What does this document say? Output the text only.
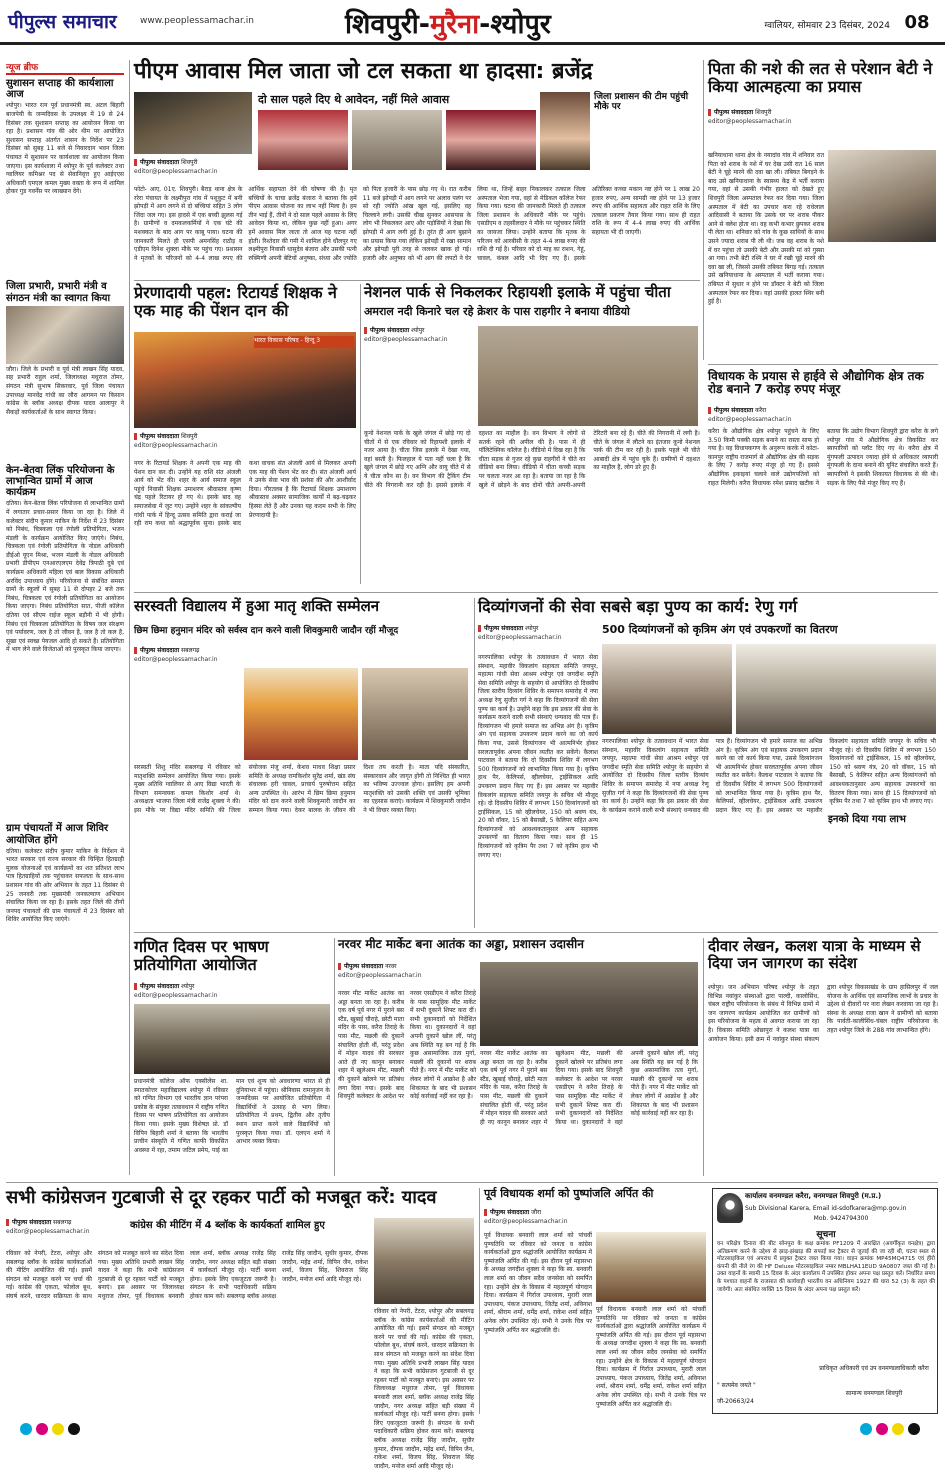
पीपुल्स समाचार	www.peoplessamachar.in	शिवपुरी-मुरैना-श्योपुर	ग्वालियर, सोमवार 23 दिसंबर, 2024 08
न्यूज ब्रीफ
सुशासन सप्ताह की कार्यशाला आज
श्योपुर। भारत रत्न पूर्व प्रधानमंत्री स्व. अटल बिहारी बाजपेयी के जन्मदिवस के उपलक्ष्य में 19 से 24 दिसंबर तक सुशासन सप्ताह का आयोजन किया जा रहा है। प्रशासन गांव की ओर थीम पर आयोजित सुशासन सप्ताह अंतर्गत शासन के निर्देश पर 23 दिसंबर को सुबह 11 बजे से निवारदान भवन जिला पंचायत में सुशासन पर कार्यशाला का आयोजन किया जाएगा। इस कार्यशाला में श्योपुर के पूर्व कलेक्टर तथा ग्वालियर कमिश्नर पद से सेवानिवृत्त हुए आईएएस अधिकारी एमएल कमल मुख्य वक्ता के रूप में शामिल होकर गुड गवर्नेंस पर व्याख्यान देंगे।
जिला प्रभारी, प्रभारी मंत्री व संगठन मंत्री का स्वागत किया
जौरा। जिले के प्रभारी व पूर्व मंत्री लाखन सिंह यादव, सह प्रभारी राहुल शर्मा, जिलाध्यक्ष मधुराज तोमर, संगठन मंत्री सुभाष सिकरवार, पूर्व जिला पंचायत उपाध्यक्ष मानवेंद्र गांधी का जौरा आगमन पर किसान कांग्रेस के ब्लॉक अध्यक्ष दीपक यादव आलापुर ने सैकड़ों कार्यकर्ताओं के साथ स्वागत किया।
केन-बेतवा लिंक परियोजना के लाभान्वित ग्रामों में आज कार्यक्रम
दतिया। केन-बेतवा लिंक परियोजना से लाभान्वित ग्रामों में लगातार प्रचार-प्रसार किया जा रहा है। जिले में कलेक्टर संदीप कुमार माकिन के निर्देश में 23 दिसंबर को निबंध, चित्रकला एवं रंगोली प्रतियोगिता, भजन मंडली के कार्यक्रम आयोजित किए जाएंगे। निबंध, चित्रकला एवं रंगोली प्रतियोगिता के नोडल अधिकारी डीईओ यूएन मिश्रा, भजन मंडली के नोडल अधिकारी प्रभारी डीपीएम एनआरएलएम देवेंद्र त्रिपाठी दुबे एवं कार्यक्रम अधिकारी महिला एवं बाल विकास अधिकारी अरविंद उपाध्याय होंगे। परियोजना से संबंधित समस्त ग्रामों के स्कूलों में सुबह 11 से दोपहर 2 बजे तक निबंध, चित्रकला एवं रंगोली प्रतियोगिता का आयोजन किया जाएगा। निबंध प्रतियोगिता सात, पीजी कॉलेज दतिया एवं सीएम राईज स्कूल बड़ौनी में भी होगी। निबंध एवं चित्रकला प्रतियोगिता के विषय जल संरक्षण एवं पर्यावरण, जल है तो जीवन है, जल है तो कल है, सूखा एवं स्वच्छ पेयजल आदि हो सकते हैं। प्रतियोगिता में भाग लेने वाले विजेताओं को पुरस्कृत किया जाएगा।
ग्राम पंचायतों में आज शिविर आयोजित होंगे
दतिया। कलेक्टर संदीप कुमार माकिन के निर्देशन में भारत सरकार एवं राज्य सरकार की चिन्हित हितग्राही मूलक योजनाओं एवं कार्यक्रमों का शत प्रतिशत लाभ पात्र हितग्राहियों तक पहुंचाकर सफलता के साथ-साथ प्रशासन गांव की ओर अभियान के तहत 11 दिसंबर से 25 जनवरी तक मुख्यमंत्री जनकल्याण अभियान संचालित किया जा रहा है। इसके तहत जिले की तीनों जनपद पंचायतों की ग्राम पंचायतों में 23 दिसंबर को शिविर आयोजित किए जाएंगे।
पीएम आवास मिल जाता जो टल सकता था हादसा: ब्रजेंद्र
पीपुल्स संवाददाता शिवपुरी
editor@peoplessamachar.in
दो साल पहले दिए थे आवेदन, नहीं मिले आवास	जिला प्रशासन की टीम पहुंची मौके पर
फोटो- आए, 01ए. शिवपुरी। बैराड़ थाना क्षेत्र के ररेरा पंचायत के लक्ष्मीपुरा गांव में पशुकुट में बनी झोपड़ी में आग लगने से दो बच्चियां सहित 3 लोग जिंदा जल गए। इस हादसे में एक बच्ची झुलस गई है। ग्रामीणों व दमकलकर्मियों ने एक घंटे की मशक्कत के बाद आग पर काबू पाया। घटना की जानकारी मिलते ही एसपी अमनसिंह राठौड़ व एडीएम दिनेश शुक्ला मौके पर पहुंच गए। प्रशासन ने मृतकों के परिजनों को 4-4 लाख रुपए की आर्थिक सहायता देने की घोषणा की है। मृत बच्चियों के चाचा ब्रजेंद्र बंजारा ने बताया कि हमें पीएम आवास योजना का लाभ नहीं मिला है। हम तीन भाई हैं, तीनों ने दो साल पहले आवास के लिए आवेदन किया था, लेकिन कुछ नहीं हुआ। अगर हमें आवास मिल जाता तो आज यह घटना नहीं होती। रिश्तेदार की गमी में शामिल होने धौलपुर गए लक्ष्मीपुरा निवासी धासुदेव बंजारा और उसकी पत्नी रुक्मिणी अपनी बेटियों अनुष्का, संध्या और ज्योति को पिता हजारी के पास छोड़ गए थे। रात करीब 11 बजे झोपड़ी में आग लगने पर अलाव पलंग पर सो रही ज्योति आंख खुल गई, इसलिए वह चिल्लाने लगी। उसकी चीख सुनकर आसपास के लोग भी निकलकर आए और पड़ोसियों ने देखा कि झोपड़ी में आग लगी हुई है। तुरंत ही आग बुझाने का प्रयास किया गया लेकिन झोपड़ी में रखा सामान और झोपड़ी पूरी तरह से जलकर खाक हो गई। हजारी और अनुष्का को भी आग की लपटों ने घेर लिया था, जिन्हें बाहर निकालकर तत्काल जिला अस्पताल भेजा गया, वहां से मेडिकल कॉलेज रेफर किया गया। घटना की जानकारी मिलते ही तत्काल जिला प्रशासन के अधिकारी मौके पर पहुंचे। एसडीएम व तहसीलदार ने मौके पर पहुंचकर स्थिति का जायजा लिया। उन्होंने बताया कि मृतक के परिजन को आरबीसी के तहत 4-4 लाख रुपए की राशि दी गई है। परिवार को दो माह का राशन, गेहूं, चावल, कंबल आदि भी दिए गए हैं। इसके अतिरिक्त कच्चा मकान नष्ट होने पर 1 लाख 20 हजार रुपए, अन्य सामग्री नष्ट होने पर 13 हजार रुपए की आर्थिक सहायता और राहत राशि के लिए तत्काल प्रकरण तैयार किया गया। साथ ही राहत राशि के रूप में 4-4 लाख रुपए की आर्थिक सहायता भी दी जाएगी।
पिता की नशे की लत से परेशान बेटी ने किया आत्महत्या का प्रयास
पीपुल्स संवाददाता शिवपुरी
editor@peoplessamachar.in
खनियाधाना थाना क्षेत्र के नयादांव गांव में शनिवार रात पिता को शराब के नशे में घर देख उसी रात 16 साल बेटी ने चूहे मारने की दवा खा ली। तबियत बिगड़ने के बाद उसे खनियाधाना के स्वास्थ्य केंद्र में भर्ती कराया गया, वहां से उसकी गंभीर हालत को देखते हुए शिवपुरी जिला अस्पताल रेफर कर दिया गया। जिला अस्पताल में बेटी का उपचार करा रहे राधेलाल आदिवासी ने बताया कि उसके घर पर शराब पीकर आने से क्लेश होता था। वह कभी कभार छुपकर शराब पी लेता था। शनिवार को गांव के कुछ साथियों के साथ उसने ज्यादा शराब पी ली थी। जब वह शराब के नशे में घर पहुंचा तो उसकी बेटी और उसकी मां को गुस्सा आ गया। तभी बेटी रश्मि ने घर में रखी चूहे मारने की दवा खा ली, जिससे उसकी तबियत बिगड़ गई। तत्काल उसे खनियाधाना के अस्पताल में भर्ती कराया गया। तबियत में सुधार न होने पर डॉक्टर ने बेटी को जिला अस्पताल रेफर कर दिया। यहां उसकी हालत स्थिर बनी हुई है।
प्रेरणादायी पहल: रिटायर्ड शिक्षक ने एक माह की पेंशन दान की
भारत विकास परिषद - हिन्दू 3
पीपुल्स संवाददाता शिवपुरी
editor@peoplessamachar.in
नगर के रिटायर्ड शिक्षक ने अपनी एक माह की पेंशन दान कर दी। उन्होंने यह राशि संत अंजली आर्य को भेंट की। शहर के आर्य समाज स्कूल पहुंचे निवासी शिक्षक उमाशरण श्रीवास्तव कृष्ण चंद्र पहले रिटायर हो गए थे। इसके बाद वह समाजसेवा में जुट गए। उन्होंने शहर के सांकल्पीय गांधी पार्क में हिन्दू उत्सव समिति द्वारा कराई जा रही राम कथा को श्रद्धापूर्वक सुना। इसके बाद कथा वाचक संत अंजली आर्य से मिलकर अपनी एक माह की पेंशन भेंट कर दी। संत अंजली आर्य ने उनके सेवा भाव की प्रशंसा की और आशीर्वाद दिया। गौरतलब है कि रिटायर्ड शिक्षक उमाशरण श्रीवास्तव अक्सर सामाजिक कार्यों में बढ़-चढ़कर हिस्सा लेते हैं और उनका यह कदम सभी के लिए प्रेरणादायी है।
नेशनल पार्क से निकलकर रिहायशी इलाके में पहुंचा चीता
अमराल नदी किनारे चल रहे क्रेशर के पास राहगीर ने बनाया वीडियो
पीपुल्स संवाददाता श्योपुर
editor@peoplessamachar.in
कूनो नेशनल पार्क के खुले जंगल में छोड़े गए दो चीतों में से एक रविवार को रिहायशी इलाके में नजर आया है। चीता जिस इलाके में देखा गया, वहां बस्ती है। फिलहाल ये पता नहीं चला है कि खुले जंगल में छोड़े गए अग्नि और वायु चीते में से ये चीता कौन सा है। वन विभाग की ट्रैकिंग टीम चीते की निगरानी कर रही है। इससे इलाके में दहशत का माहौल है। वन विभाग ने लोगों से सतर्क रहने की अपील की है। पास में ही पॉलिटेक्निक कॉलेज है। वीडियो में दिख रहा है कि चीता सड़क से गुजर रहे कुछ राहगीरों ने चीते का वीडियो बना लिया। वीडियो में चीता कच्ची सड़क पर चलता नजर आ रहा है। बताया जा रहा है कि खुले में छोड़ने के बाद दोनों चीते अपनी-अपनी टेरिटरी बना रहे हैं। चीते की निगरानी में लगी है। चीते के जंगल में लौटने का इंतजार कूनो नेशनल पार्क की टीम कर रही है। इसके पहले भी चीते आबादी क्षेत्र में पहुंच चुके हैं। ग्रामीणों में दहशत का माहौल है, लोग डरे हुए हैं।
विधायक के प्रयास से हाईवे से औद्योगिक क्षेत्र तक रोड बनाने 7 करोड़ रुपए मंजूर
पीपुल्स संवाददाता करैरा
editor@peoplessamachar.in
करैरा के औद्योगिक क्षेत्र श्योपुर पहुंचने के लिए 3.50 किमी पक्की सड़क बनाने का रास्ता साफ हो गया है। यह विधायकगण के अनुरूप करके में कोटा-कानपुर राष्ट्रीय राजमार्ग से औद्योगिक क्षेत्र की सड़क के लिए 7 करोड़ रुपए मंजूर हो गए हैं। इससे औद्योगिक इकाइयां चलाने वाले उद्योगपतियों को राहत मिलेगी। करैरा विधायक रमेश प्रसाद खटीक ने बताया कि उद्योग विभाग शिवपुरी द्वारा करैरा के लगे श्योपुर गांव में औद्योगिक क्षेत्र विकसित कर ब्यापारियों को प्लॉट दिए गए थे। करैरा क्षेत्र में मुंगफली उत्पादन ज्यादा होने से अधिकतर व्यापारी मूंगफली के दाना बनाने की यूनिट संचालित करते हैं। ब्यापारियों ने इसकी शिकायत विधायक से की थी। सड़क के लिए पैसे मंजूर किए गए हैं।
सरस्वती विद्यालय में हुआ मातृ शक्ति सम्मेलन
छिम छिमा हनुमान मंदिर को सर्वस्व दान करने वाली शिवकुमारी जादौन रहीं मौजूद
पीपुल्स संवाददाता सबलगढ़
editor@peoplessamachar.in
सरस्वती शिशु मंदिर सबलगढ़ में रविवार को मातृशक्ति सम्मेलन आयोजित किया गया। इसके मुख्य अतिथि ग्वालियर से आए विद्या भारती के विभाग समन्वयक कमल किशोर शर्मा थे। अध्यक्षता भाजपा जिला मंत्री राजेंद्र शुक्ला ने की। इस मौके पर विद्या मंदिर समिति की जिला संयोजक मंजु शर्मा, केशव माधव शिक्षा प्रसार समिति के अध्यक्ष रामकिशोर सुरेंद्र शर्मा, खंड संघ संचालक हरी चावल, प्राचार्य पुरुषोत्तम सहित अन्य उपस्थित थे। आरंभ में छिम छिमा हनुमान मंदिर को दान करने वाली शिवकुमारी जादौन का सम्मान किया गया। देकर बालक के जीवन की दिशा तय करती है। माता यदि संस्कारित, संस्कारवान और जागृत होंगी तो निश्चित ही भारत का भविष्य उज्ज्वल होगा। इसलिए हम अपनी मातृशक्ति को उसकी शक्ति एवं उसकी भूमिका का एहसास कराएं। कार्यक्रम में शिवकुमारी जादौन ने भी विचार व्यक्त किए।
दिव्यांगजनों की सेवा सबसे बड़ा पुण्य का कार्य: रेणु गर्ग
पीपुल्स संवाददाता श्योपुर
editor@peoplessamachar.in
500 दिव्यांगजनों को कृत्रिम अंग एवं उपकरणों का वितरण
इनको दिया गया लाभ
नगरपालिका श्योपुर के तत्वावधान में भारत सेवा संस्थान, महावीर विकलांग सहायता समिति जयपुर, महात्मा गांधी सेवा आश्रम श्योपुर एवं जगदीश स्मृति सेवा समिति श्योपुर के सहयोग से आयोजित दो दिवसीय जिला स्तरीय दिव्यांग शिविर के समापन समारोह में नपा अध्यक्ष रेणु सुजीत गर्ग ने कहा कि दिव्यांगजनों की सेवा पुण्य का कार्य है। उन्होंने कहा कि इस प्रकार की सेवा के कार्यक्रम कराने वाली सभी संस्थाएं धन्यवाद की पात्र हैं। दिव्यांगजन भी हमारे समाज का अभिन्न अंग है। कृत्रिम अंग एवं सहायक उपकरण प्रदान करने का जो कार्य किया गया, उससे दिव्यांगजन भी आत्मनिर्भर होकर सरलतापूर्वक अपना जीवन व्यतीत कर सकेंगे। कैलाश पाटवाल ने बताया कि दो दिवसीय शिविर में लगभग 500 दिव्यांगजनों को लाभान्वित किया गया है। कृत्रिम हाथ पैर, केलिपर्स, व्हीलचेयर, ट्राईसिकल आदि उपकरण प्रदान किए गए हैं। इस अवसर पर महावीर विकलांग सहायता समिति जयपुर के सचिव भी मौजूद रहे। दो दिवसीय शिविर में लगभग 150 दिव्यांगजनों को ट्राईसिकल, 15 को व्हीलचेयर, 150 को श्रवण यंत्र, 20 को वॉकर, 15 को बैसाखी, 5 केलिपर सहित अन्य दिव्यांगजनों को आवश्यकतानुसार अन्य सहायक उपकरणों का वितरण किया गया। साथ ही 15 दिव्यांगजनों को कृत्रिम पैर तथा 7 को कृत्रिम हाथ भी लगाए गए।
नगरपालिका श्योपुर के तत्वावधान में भारत सेवा संस्थान, महावीर विकलांग सहायता समिति जयपुर, महात्मा गांधी सेवा आश्रम श्योपुर एवं जगदीश स्मृति सेवा समिति श्योपुर के सहयोग से आयोजित दो दिवसीय जिला स्तरीय दिव्यांग शिविर के समापन समारोह में नपा अध्यक्ष रेणु सुजीत गर्ग ने कहा कि दिव्यांगजनों की सेवा पुण्य का कार्य है। उन्होंने कहा कि इस प्रकार की सेवा के कार्यक्रम कराने वाली सभी संस्थाएं धन्यवाद की पात्र हैं। दिव्यांगजन भी हमारे समाज का अभिन्न अंग है। कृत्रिम अंग एवं सहायक उपकरण प्रदान करने का जो कार्य किया गया, उससे दिव्यांगजन भी आत्मनिर्भर होकर सरलतापूर्वक अपना जीवन व्यतीत कर सकेंगे। कैलाश पाटवाल ने बताया कि दो दिवसीय शिविर में लगभग 500 दिव्यांगजनों को लाभान्वित किया गया है। कृत्रिम हाथ पैर, केलिपर्स, व्हीलचेयर, ट्राईसिकल आदि उपकरण प्रदान किए गए हैं। इस अवसर पर महावीर विकलांग सहायता समिति जयपुर के सचिव भी मौजूद रहे। दो दिवसीय शिविर में लगभग 150 दिव्यांगजनों को ट्राईसिकल, 15 को व्हीलचेयर, 150 को श्रवण यंत्र, 20 को वॉकर, 15 को बैसाखी, 5 केलिपर सहित अन्य दिव्यांगजनों को आवश्यकतानुसार अन्य सहायक उपकरणों का वितरण किया गया। साथ ही 15 दिव्यांगजनों को कृत्रिम पैर तथा 7 को कृत्रिम हाथ भी लगाए गए।
गणित दिवस पर भाषण प्रतियोगिता आयोजित
पीपुल्स संवाददाता श्योपुर
editor@peoplessamachar.in
प्रधानमंत्री कॉलेज ऑफ एक्सीलेंस शा. स्नातकोत्तर महाविद्यालय श्योपुर में रविवार को गणित विभाग एवं भारतीय ज्ञान परंपरा प्रकोष्ठ के संयुक्त तत्वावधान में राष्ट्रीय गणित दिवस पर भाषण प्रतियोगिता का आयोजन किया गया। इसके मुख्य विशेषज्ञ प्रो. डॉ विपिन बिहारी शर्मा ने बताया कि भारतीय प्राचीन संस्कृति में गणित काफी विकसित अवस्था में रहा, तमाम जटिल प्रमेय, पाई का मान एवं शून्य को अवधारणा भारत से ही दुनियाभर में पहुंचा। श्रीनिवास रामानुजन के जन्मदिवस पर आयोजित प्रतियोगिता में विद्यार्थियों ने उत्साह से भाग लिया। प्रतियोगिता में प्रथम, द्वितीय और तृतीय स्थान प्राप्त करने वाले विद्यार्थियों को पुरस्कृत किया गया। डॉ. एलएन शर्मा ने आभार व्यक्त किया।
नरवर मीट मार्केट बना आतंक का अड्डा, प्रशासन उदासीन
पीपुल्स संवाददाता नरवर
editor@peoplessamachar.in
नरवर मीट मार्केट आतंक का अड्डा बनता जा रहा है। करीब एक वर्ष पूर्व नगर में पुराने बस स्टैंड, खुबाई चौराहे, छोटी माता मंदिर के पास, करैरा तिराहे के पास मीट, मछली की दुकानें संचालित होती थीं, परंतु प्रदेश में मोहन यादव की सरकार आते ही नए कानून बनाकर शहर में खुलेआम मीट, मछली की दुकानें खोलने पर प्रतिबंध लगा दिया गया। इसके बाद शिवपुरी कलेक्टर के आदेश पर नरवर एसडीएम ने करैरा तिराहे के पास सामूहिक मीट मार्केट में सभी दुकानें शिफ्ट करा दीं। सभी दुकानदारों को निर्देशित किया था। दुकानदारों ने वहां अपनी दुकानें खोल लीं, परंतु अब स्थिति यह बन गई है कि कुछ असामाजिक तत्व मुर्गा, मछली की दुकानों पर शराब पीते हैं। नगर में मीट मार्केट को लेकर लोगों में आक्रोश है और शिकायत के बाद भी प्रशासन कोई कार्रवाई नहीं कर रहा है।
नरवर मीट मार्केट आतंक का अड्डा बनता जा रहा है। करीब एक वर्ष पूर्व नगर में पुराने बस स्टैंड, खुबाई चौराहे, छोटी माता मंदिर के पास, करैरा तिराहे के पास मीट, मछली की दुकानें संचालित होती थीं, परंतु प्रदेश में मोहन यादव की सरकार आते ही नए कानून बनाकर शहर में खुलेआम मीट, मछली की दुकानें खोलने पर प्रतिबंध लगा दिया गया। इसके बाद शिवपुरी कलेक्टर के आदेश पर नरवर एसडीएम ने करैरा तिराहे के पास सामूहिक मीट मार्केट में सभी दुकानें शिफ्ट करा दीं। सभी दुकानदारों को निर्देशित किया था। दुकानदारों ने वहां अपनी दुकानें खोल लीं, परंतु अब स्थिति यह बन गई है कि कुछ असामाजिक तत्व मुर्गा, मछली की दुकानों पर शराब पीते हैं। नगर में मीट मार्केट को लेकर लोगों में आक्रोश है और शिकायत के बाद भी प्रशासन कोई कार्रवाई नहीं कर रहा है।
दीवार लेखन, कलश यात्रा के माध्यम से दिया जन जागरण का संदेश
श्योपुर। जन अभियान परिषद श्योपुर के तहत विभिन्न नवांकुर संस्थाओं द्वारा पाल्दी, कालोसिंध, चंबल राष्ट्रीय परियोजना के संबंध में विभिन्न ग्रामों में जन जागरण कार्यक्रम आयोजित कर ग्रामीणों को इस परियोजना के महत्व से अवगत कराया जा रहा है। विकास समिति ओछापुरा ने कलश यात्रा का आयोजन किया। इसी क्रम में नवांकुर संस्था संकल्प द्वारा श्योपुर विकासखंड के ग्राम हासिलपुर में जल योजना के आर्थिक एवं सामाजिक लाभों के प्रचार के उद्देश्य से दीवारों पर नारा लेखन करवाया जा रहा है। संस्था के अध्यक्ष राजा खान ने ग्रामीणों को बताया कि पार्वती-कालीसिंध-चंबल राष्ट्रीय परियोजना के तहत श्योपुर जिले के 288 गांव लाभान्वित होंगे।
सभी कांग्रेसजन गुटबाजी से दूर रहकर पार्टी को मजबूत करें: यादव
पीपुल्स संवाददाता सबलगढ़
editor@peoplessamachar.in
कांग्रेस की मीटिंग में 4 ब्लॉक के कार्यकर्ता शामिल हुए
रविवार को नेपरी, टेंटरा, श्योपुर और सबलगढ़ ब्लॉक के कांग्रेस कार्यकर्ताओं की मीटिंग आयोजित की गई। इसमें संगठन को मजबूत करने पर चर्चा की गई। कांग्रेस की एकता, फोलोल बूथ, संघर्ष करने, धारदार सक्रियता के साथ संगठन को मजबूत करने का संदेश दिया गया। मुख्य अतिथि प्रभारी लाखन सिंह यादव ने कहा कि सभी कांग्रेसजन गुटबाजी से दूर रहकर पार्टी को मजबूत बनाएं। इस अवसर पर जिलाध्यक्ष मधुराज तोमर, पूर्व विधायक बनवारी लाल शर्मा, ब्लॉक अध्यक्ष राजेंद्र सिंह जादौन, नगर अध्यक्ष सहित बड़ी संख्या में कार्यकर्ता मौजूद रहे। पार्टी बनना होगा। इसके लिए एकजुटता जरूरी है। संगठन के सभी पदाधिकारी सक्रिय होकर काम करें। सबलगढ़ ब्लॉक अध्यक्ष राजेंद्र सिंह जादौन, सुधीर कुमार, दीपक जादौन, महेंद्र शर्मा, विपिन जैन, राकेश शर्मा, विजय सिंह, शिवराज सिंह जादौन, मनोज शर्मा आदि मौजूद रहे।
रविवार को नेपरी, टेंटरा, श्योपुर और सबलगढ़ ब्लॉक के कांग्रेस कार्यकर्ताओं की मीटिंग आयोजित की गई। इसमें संगठन को मजबूत करने पर चर्चा की गई। कांग्रेस की एकता, फोलोल बूथ, संघर्ष करने, धारदार सक्रियता के साथ संगठन को मजबूत करने का संदेश दिया गया। मुख्य अतिथि प्रभारी लाखन सिंह यादव ने कहा कि सभी कांग्रेसजन गुटबाजी से दूर रहकर पार्टी को मजबूत बनाएं। इस अवसर पर जिलाध्यक्ष मधुराज तोमर, पूर्व विधायक बनवारी लाल शर्मा, ब्लॉक अध्यक्ष राजेंद्र सिंह जादौन, नगर अध्यक्ष सहित बड़ी संख्या में कार्यकर्ता मौजूद रहे। पार्टी बनना होगा। इसके लिए एकजुटता जरूरी है। संगठन के सभी पदाधिकारी सक्रिय होकर काम करें। सबलगढ़ ब्लॉक अध्यक्ष राजेंद्र सिंह जादौन, सुधीर कुमार, दीपक जादौन, महेंद्र शर्मा, विपिन जैन, राकेश शर्मा, विजय सिंह, शिवराज सिंह जादौन, मनोज शर्मा आदि मौजूद रहे।
पूर्व विधायक शर्मा को पुष्पांजलि अर्पित की
पीपुल्स संवाददाता जौरा
editor@peoplessamachar.in
पूर्व विधायक बनवारी लाल शर्मा को पांचवीं पुण्यतिथि पर रविवार को जनता व कांग्रेस कार्यकर्ताओं द्वारा श्रद्धांजलि आयोजित कार्यक्रम में पुष्पांजलि अर्पित की गई। इस दौरान पूर्व महासभा के अध्यक्ष जगदीश शुक्ला ने कहा कि स्व. बनवारी लाल शर्मा का जीवन सदैव जनसेवा को समर्पित रहा। उन्होंने क्षेत्र के विकास में महत्वपूर्ण योगदान दिया। कार्यक्रम में गिर्राज उपाध्याय, मुरारी लाल उपाध्याय, पंकज उपाध्याय, जितेंद्र शर्मा, अविनाश शर्मा, श्रीराम शर्मा, धर्मेंद्र शर्मा, राकेश शर्मा सहित अनेक लोग उपस्थित रहे। सभी ने उनके चित्र पर पुष्पांजलि अर्पित कर श्रद्धांजलि दी।
पूर्व विधायक बनवारी लाल शर्मा को पांचवीं पुण्यतिथि पर रविवार को जनता व कांग्रेस कार्यकर्ताओं द्वारा श्रद्धांजलि आयोजित कार्यक्रम में पुष्पांजलि अर्पित की गई। इस दौरान पूर्व महासभा के अध्यक्ष जगदीश शुक्ला ने कहा कि स्व. बनवारी लाल शर्मा का जीवन सदैव जनसेवा को समर्पित रहा। उन्होंने क्षेत्र के विकास में महत्वपूर्ण योगदान दिया। कार्यक्रम में गिर्राज उपाध्याय, मुरारी लाल उपाध्याय, पंकज उपाध्याय, जितेंद्र शर्मा, अविनाश शर्मा, श्रीराम शर्मा, धर्मेंद्र शर्मा, राकेश शर्मा सहित अनेक लोग उपस्थित रहे। सभी ने उनके चित्र पर पुष्पांजलि अर्पित कर श्रद्धांजलि दी।
कार्यालय वनमण्डल करैरा, वनमण्डल शिवपुरी (म.प्र.)
Sub Divisional Karera, Email id-sdofkarera@mp.gov.in
Mob. 9424794300
सूचना
वन परिक्षेत्र दिनारा की बीट सोनपुरा के कक्ष क्रमांक PF1209 में आरक्षित (अवर्गीकृत वनक्षेत्र) द्वारा अतिक्रमण करने के उद्देश्य से झाड़-झंखाड़ की सफाई कर ट्रैक्टर से जुताई की जा रही थी, घटना स्थल से मोटरसाइकिल एवं अपराध में प्रयुक्त ट्रैक्टर जब्त किया गया। वाहन क्रमांक MP45MQ4715 एवं हीरो कंपनी की नीले रंग की HF Deluxe मोटरसाइकिल नम्बर MBLHA11EUD 9A0807 जब्त की गई है। उक्त वाहनों के स्वामी 15 दिवस के अंदर कार्यालय में उपस्थित होकर अपना पक्ष प्रस्तुत करें। निर्धारित समय के पश्चात वाहनों के राजसात की कार्यवाही भारतीय वन अधिनियम 1927 की धारा 52 (3) के तहत की जावेगी। अतः संबंधित व्यक्ति 15 दिवस के अंदर अपना पक्ष प्रस्तुत करें।
" सत्यमेव जयते "
जी-20663/24
प्राधिकृत अधिकारी एवं उप वनमण्डलाधिकारी करैरा
सामान्य वनमण्डल शिवपुरी
